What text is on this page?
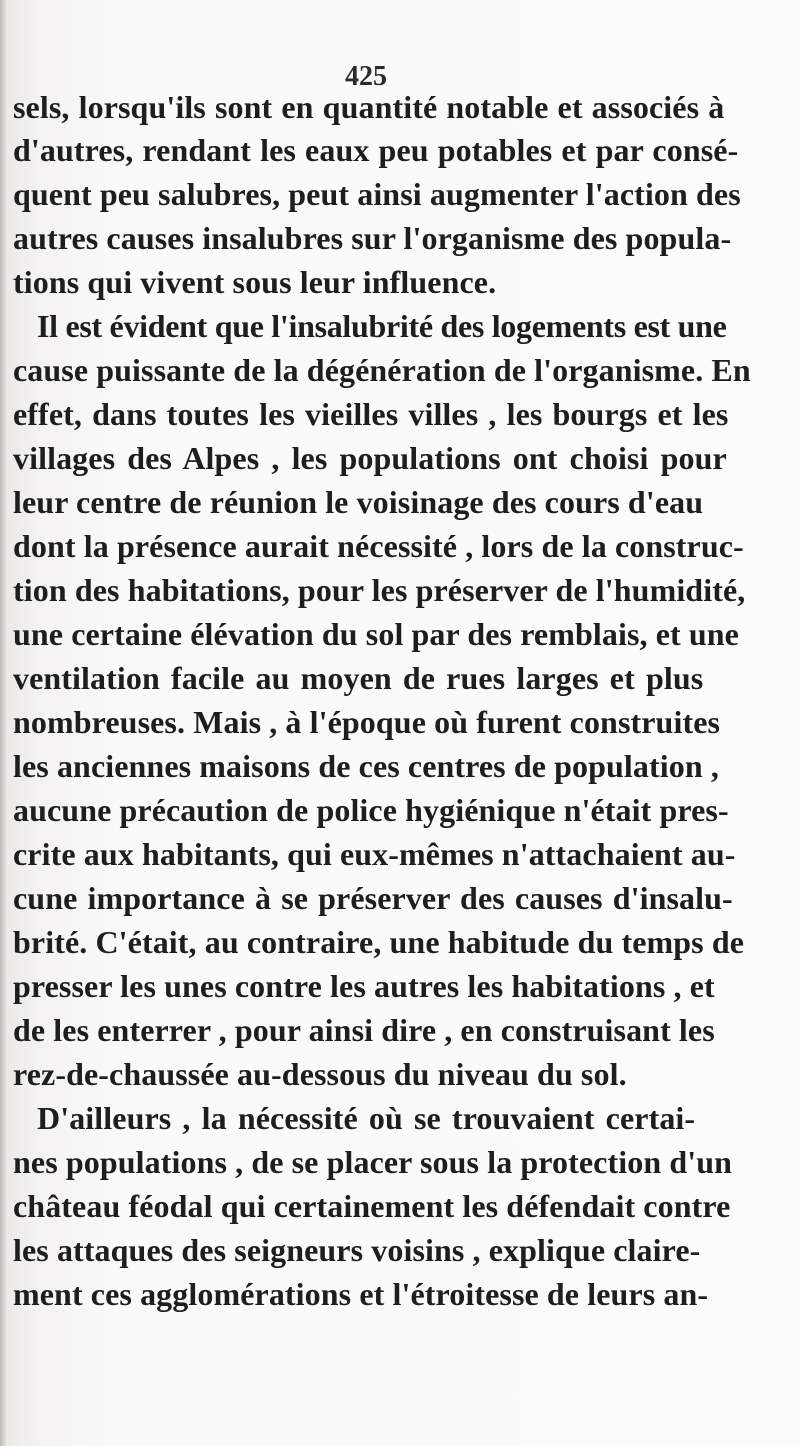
425
sels, lorsqu'ils sont en quantité notable et associés à
d'autres, rendant les eaux peu potables et par consé-
quent peu salubres, peut ainsi augmenter l'action des
autres causes insalubres sur l'organisme des popula-
tions qui vivent sous leur influence.
Il est évident que l'insalubrité des logements est une
cause puissante de la dégénération de l'organisme. En
effet, dans toutes les vieilles villes , les bourgs et les
villages des Alpes , les populations ont choisi pour
leur centre de réunion le voisinage des cours d'eau
dont la présence aurait nécessité , lors de la construc-
tion des habitations, pour les préserver de l'humidité,
une certaine élévation du sol par des remblais, et une
ventilation facile au moyen de rues larges et plus
nombreuses. Mais , à l'époque où furent construites
les anciennes maisons de ces centres de population ,
aucune précaution de police hygiénique n'était pres-
crite aux habitants, qui eux-mêmes n'attachaient au-
cune importance à se préserver des causes d'insalu-
brité. C'était, au contraire, une habitude du temps de
presser les unes contre les autres les habitations , et
de les enterrer , pour ainsi dire , en construisant les
rez-de-chaussée au-dessous du niveau du sol.
D'ailleurs , la nécessité où se trouvaient certai-
nes populations , de se placer sous la protection d'un
château féodal qui certainement les défendait contre
les attaques des seigneurs voisins , explique claire-
ment ces agglomérations et l'étroitesse de leurs an-
